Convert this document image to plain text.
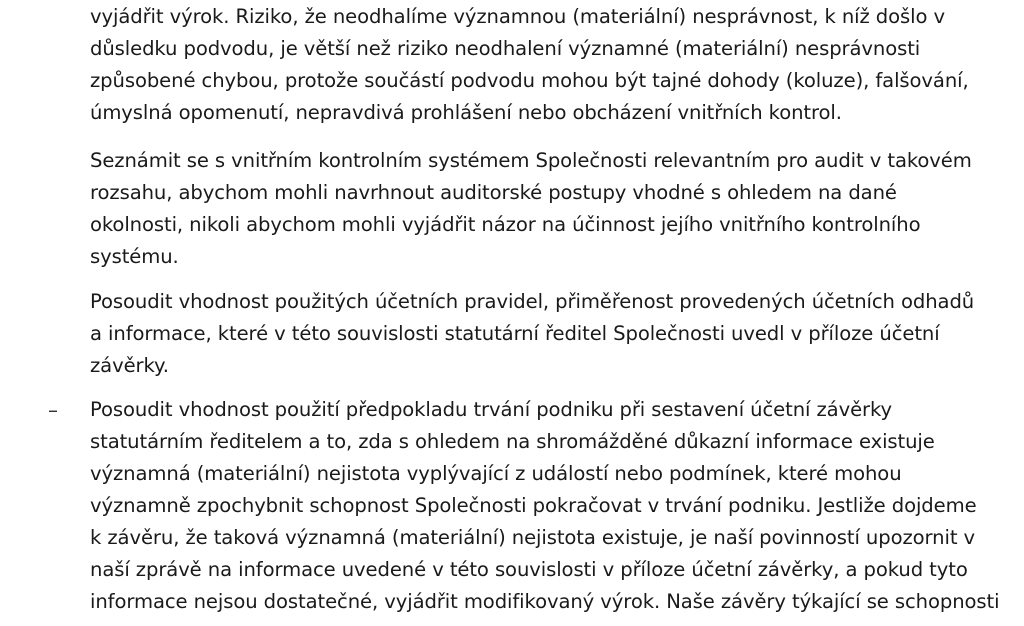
vyjádřit výrok. Riziko, že neodhalíme významnou (materiální) nesprávnost, k níž došlo v
důsledku podvodu, je větší než riziko neodhalení významné (materiální) nesprávnosti
způsobené chybou, protože součástí podvodu mohou být tajné dohody (koluze), falšování,
úmyslná opomenutí, nepravdivá prohlášení nebo obcházení vnitřních kontrol.
Seznámit se s vnitřním kontrolním systémem Společnosti relevantním pro audit v takovém
rozsahu, abychom mohli navrhnout auditorské postupy vhodné s ohledem na dané
okolnosti, nikoli abychom mohli vyjádřit názor na účinnost jejího vnitřního kontrolního
systému.
Posoudit vhodnost použitých účetních pravidel, přiměřenost provedených účetních odhadů
a informace, které v této souvislosti statutární ředitel Společnosti uvedl v příloze účetní
závěrky.
– Posoudit vhodnost použití předpokladu trvání podniku při sestavení účetní závěrky
statutárním ředitelem a to, zda s ohledem na shromážděné důkazní informace existuje
významná (materiální) nejistota vyplývající z událostí nebo podmínek, které mohou
významně zpochybnit schopnost Společnosti pokračovat v trvání podniku. Jestliže dojdeme
k závěru, že taková významná (materiální) nejistota existuje, je naší povinností upozornit v
naší zprávě na informace uvedené v této souvislosti v příloze účetní závěrky, a pokud tyto
informace nejsou dostatečné, vyjádřit modifikovaný výrok. Naše závěry týkající se schopnosti
